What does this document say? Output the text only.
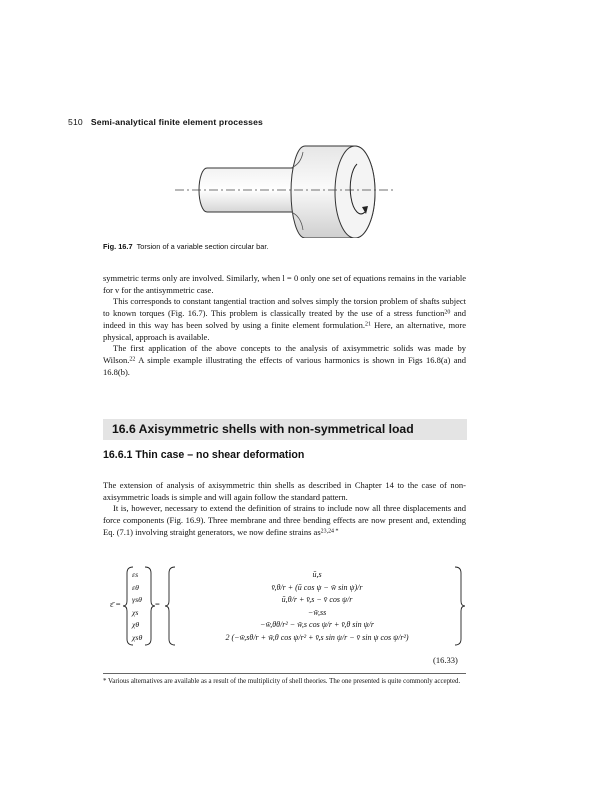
510 Semi-analytical finite element processes
Fig. 16.7 Torsion of a variable section circular bar.

symmetric terms only are involved. Similarly, when l = 0 only one set of equations remains in the variable for v for the antisymmetric case.

This corresponds to constant tangential traction and solves simply the torsion problem of shafts subject to known torques (Fig. 16.7). This problem is classically treated by the use of a stress function$^{20}$ and indeed in this way has been solved by using a finite element formulation.$^{21}$ Here, an alternative, more physical, approach is available.

The first application of the above concepts to the analysis of axisymmetric solids was made by Wilson.$^{22}$ A simple example illustrating the effects of various harmonics is shown in Figs 16.8(a) and 16.8(b).

16.6 Axisymmetric shells with non-symmetrical load
16.6.1 Thin case – no shear deformation

The extension of analysis of axisymmetric thin shells as described in Chapter 14 to the case of non-axisymmetric loads is simple and will again follow the standard pattern.

It is, however, necessary to extend the definition of strains to include now all three displacements and force components (Fig. 16.9). Three membrane and three bending effects are now present and, extending Eq. (7.1) involving straight generators, we now define strains $as^{23,24 *}$

ε̄ =
εs
εθ
γsθ
χs
χθ
χsθ
=
ū,s
v̄,θ/r + (ū cos ψ − w̄ sin ψ)/r
ū,θ/r + v̄,s − v̄ cos ψ/r
−w̄,ss
−w̄,θθ/r² − w̄,s cos ψ/r + v̄,θ sin ψ/r
2 (−w̄,sθ/r + w̄,θ cos ψ/r² + v̄,s sin ψ/r − v̄ sin ψ cos ψ/r²)
(16.33)
* Various alternatives are available as a result of the multiplicity of shell theories. The one presented is quite commonly accepted.
